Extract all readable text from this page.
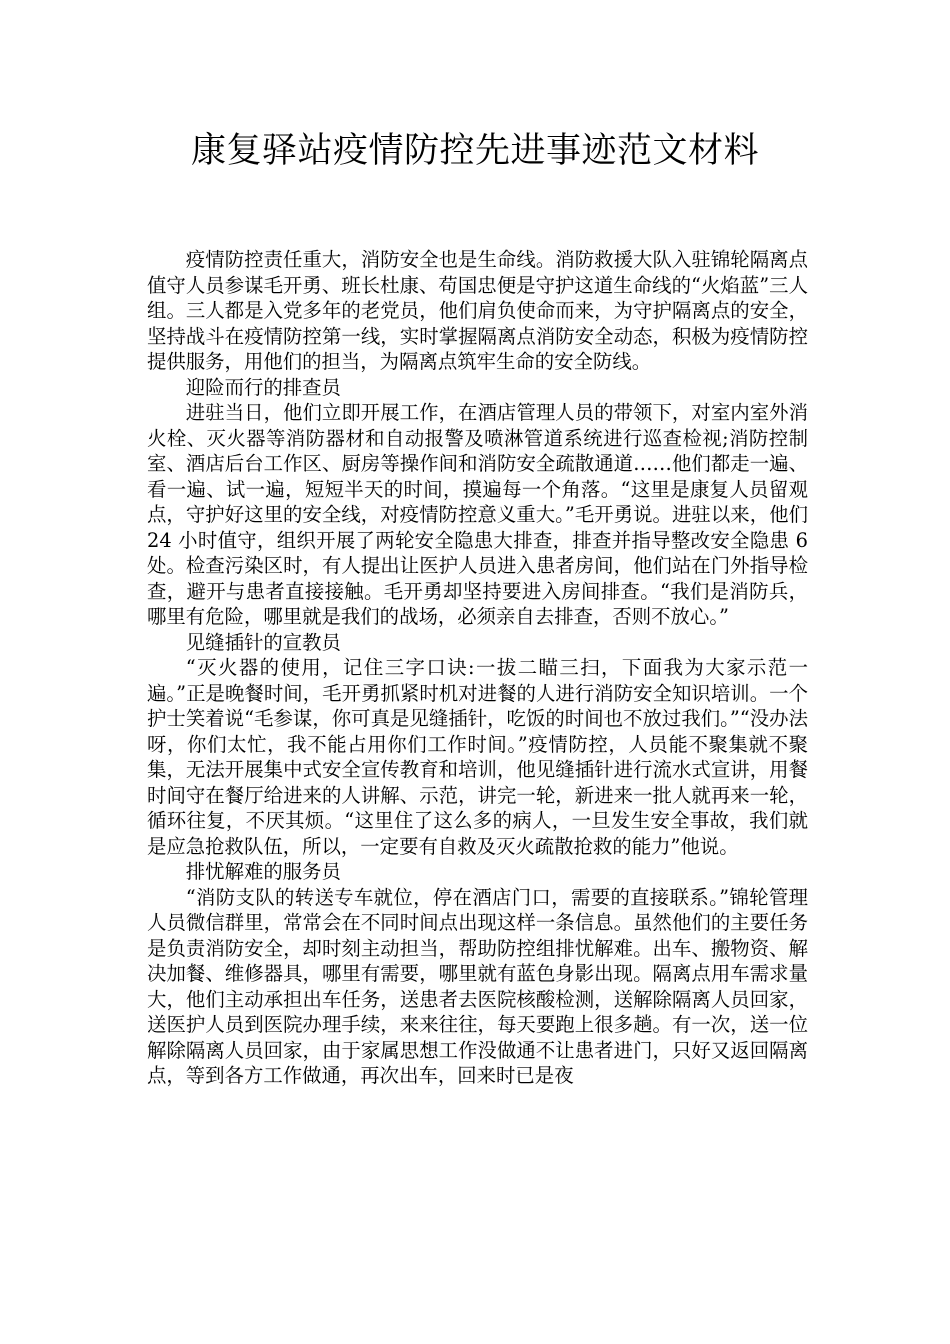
康复驿站疫情防控先进事迹范文材料

疫情防控责任重大，消防安全也是生命线。消防救援大队入驻锦轮隔离点值守人员参谋毛开勇、班长杜康、苟国忠便是守护这道生命线的“火焰蓝”三人组。三人都是入党多年的老党员，他们肩负使命而来，为守护隔离点的安全，坚持战斗在疫情防控第一线，实时掌握隔离点消防安全动态，积极为疫情防控提供服务，用他们的担当，为隔离点筑牢生命的安全防线。

迎险而行的排查员

进驻当日，他们立即开展工作，在酒店管理人员的带领下，对室内室外消火栓、灭火器等消防器材和自动报警及喷淋管道系统进行巡查检视;消防控制室、酒店后台工作区、厨房等操作间和消防安全疏散通道……他们都走一遍、看一遍、试一遍，短短半天的时间，摸遍每一个角落。“这里是康复人员留观点，守护好这里的安全线，对疫情防控意义重大。”毛开勇说。进驻以来，他们 24 小时值守，组织开展了两轮安全隐患大排查，排查并指导整改安全隐患 6 处。检查污染区时，有人提出让医护人员进入患者房间，他们站在门外指导检查，避开与患者直接接触。毛开勇却坚持要进入房间排查。“我们是消防兵，哪里有危险，哪里就是我们的战场，必须亲自去排查，否则不放心。”

见缝插针的宣教员

“灭火器的使用，记住三字口诀:一拔二瞄三扫，下面我为大家示范一遍。”正是晚餐时间，毛开勇抓紧时机对进餐的人进行消防安全知识培训。一个护士笑着说“毛参谋，你可真是见缝插针，吃饭的时间也不放过我们。”“没办法呀，你们太忙，我不能占用你们工作时间。”疫情防控，人员能不聚集就不聚集，无法开展集中式安全宣传教育和培训，他见缝插针进行流水式宣讲，用餐时间守在餐厅给进来的人讲解、示范，讲完一轮，新进来一批人就再来一轮，循环往复，不厌其烦。“这里住了这么多的病人，一旦发生安全事故，我们就是应急抢救队伍，所以，一定要有自救及灭火疏散抢救的能力”他说。

排忧解难的服务员

“消防支队的转送专车就位，停在酒店门口，需要的直接联系。”锦轮管理人员微信群里，常常会在不同时间点出现这样一条信息。虽然他们的主要任务是负责消防安全，却时刻主动担当，帮助防控组排忧解难。出车、搬物资、解决加餐、维修器具，哪里有需要，哪里就有蓝色身影出现。隔离点用车需求量大，他们主动承担出车任务，送患者去医院核酸检测，送解除隔离人员回家，送医护人员到医院办理手续，来来往往，每天要跑上很多趟。有一次，送一位解除隔离人员回家，由于家属思想工作没做通不让患者进门，只好又返回隔离点，等到各方工作做通，再次出车，回来时已是夜
